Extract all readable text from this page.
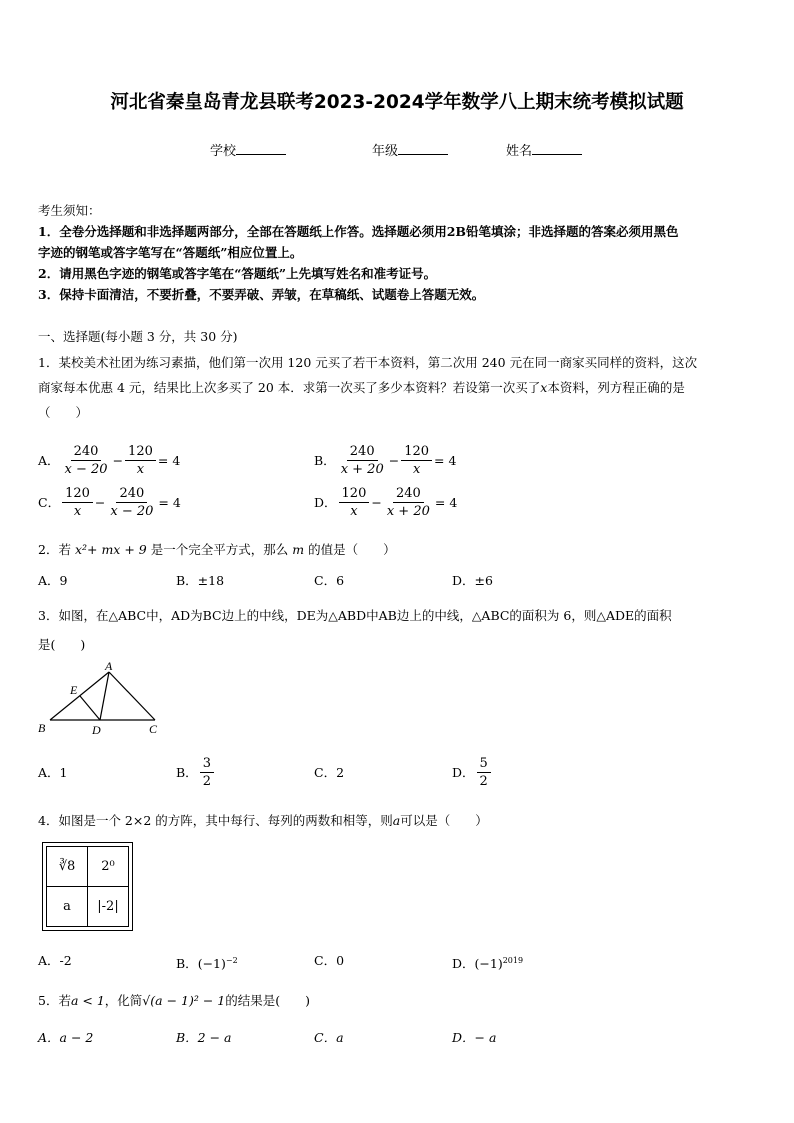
河北省秦皇岛青龙县联考2023-2024学年数学八上期末统考模拟试题
学校	年级	姓名
考生须知：
1．全卷分选择题和非选择题两部分，全部在答题纸上作答。选择题必须用2B铅笔填涂；非选择题的答案必须用黑色
字迹的钢笔或答字笔写在“答题纸”相应位置上。
2．请用黑色字迹的钢笔或答字笔在“答题纸”上先填写姓名和准考证号。
3．保持卡面清洁，不要折叠，不要弄破、弄皱，在草稿纸、试题卷上答题无效。
一、选择题(每小题 3 分，共 30 分)
1．某校美术社团为练习素描，他们第一次用 120 元买了若干本资料，第二次用 240 元在同一商家买同样的资料，这次
商家每本优惠 4 元，结果比上次多买了 20 本．求第一次买了多少本资料？若设第一次买了x本资料，列方程正确的是
（　　）
A． $\frac{240}{x - 20} - \frac{120}{x} = 4$	B． $\frac{240}{x + 20} - \frac{120}{x} = 4$
C． $\frac{120}{x} - \frac{240}{x - 20} = 4$	D． $\frac{120}{x} - \frac{240}{x + 20} = 4$
2．若 x²+ mx + 9 是一个完全平方式，那么 m 的值是（　　）
A．9	B．±18	C．6	D．±6
3．如图，在△ABC中，AD为BC边上的中线，DE为△ABD中AB边上的中线，△ABC的面积为 6，则△ADE的面积
是(　　)
A
E
B	D	C
A．1	B． $\frac{3}{2}$	C．2	D． $\frac{5}{2}$
4．如图是一个 2×2 的方阵，其中每行、每列的两数和相等，则a可以是（　　）
∛8	2⁰
a	|-2|
A．-2	B．$(-1)^{-2}$	C．0	D．$(-1)^{2019}$
5．若a < 1，化简√(a − 1)² − 1的结果是(　　)
A．a − 2	B．2 − a	C．a	D．− a
